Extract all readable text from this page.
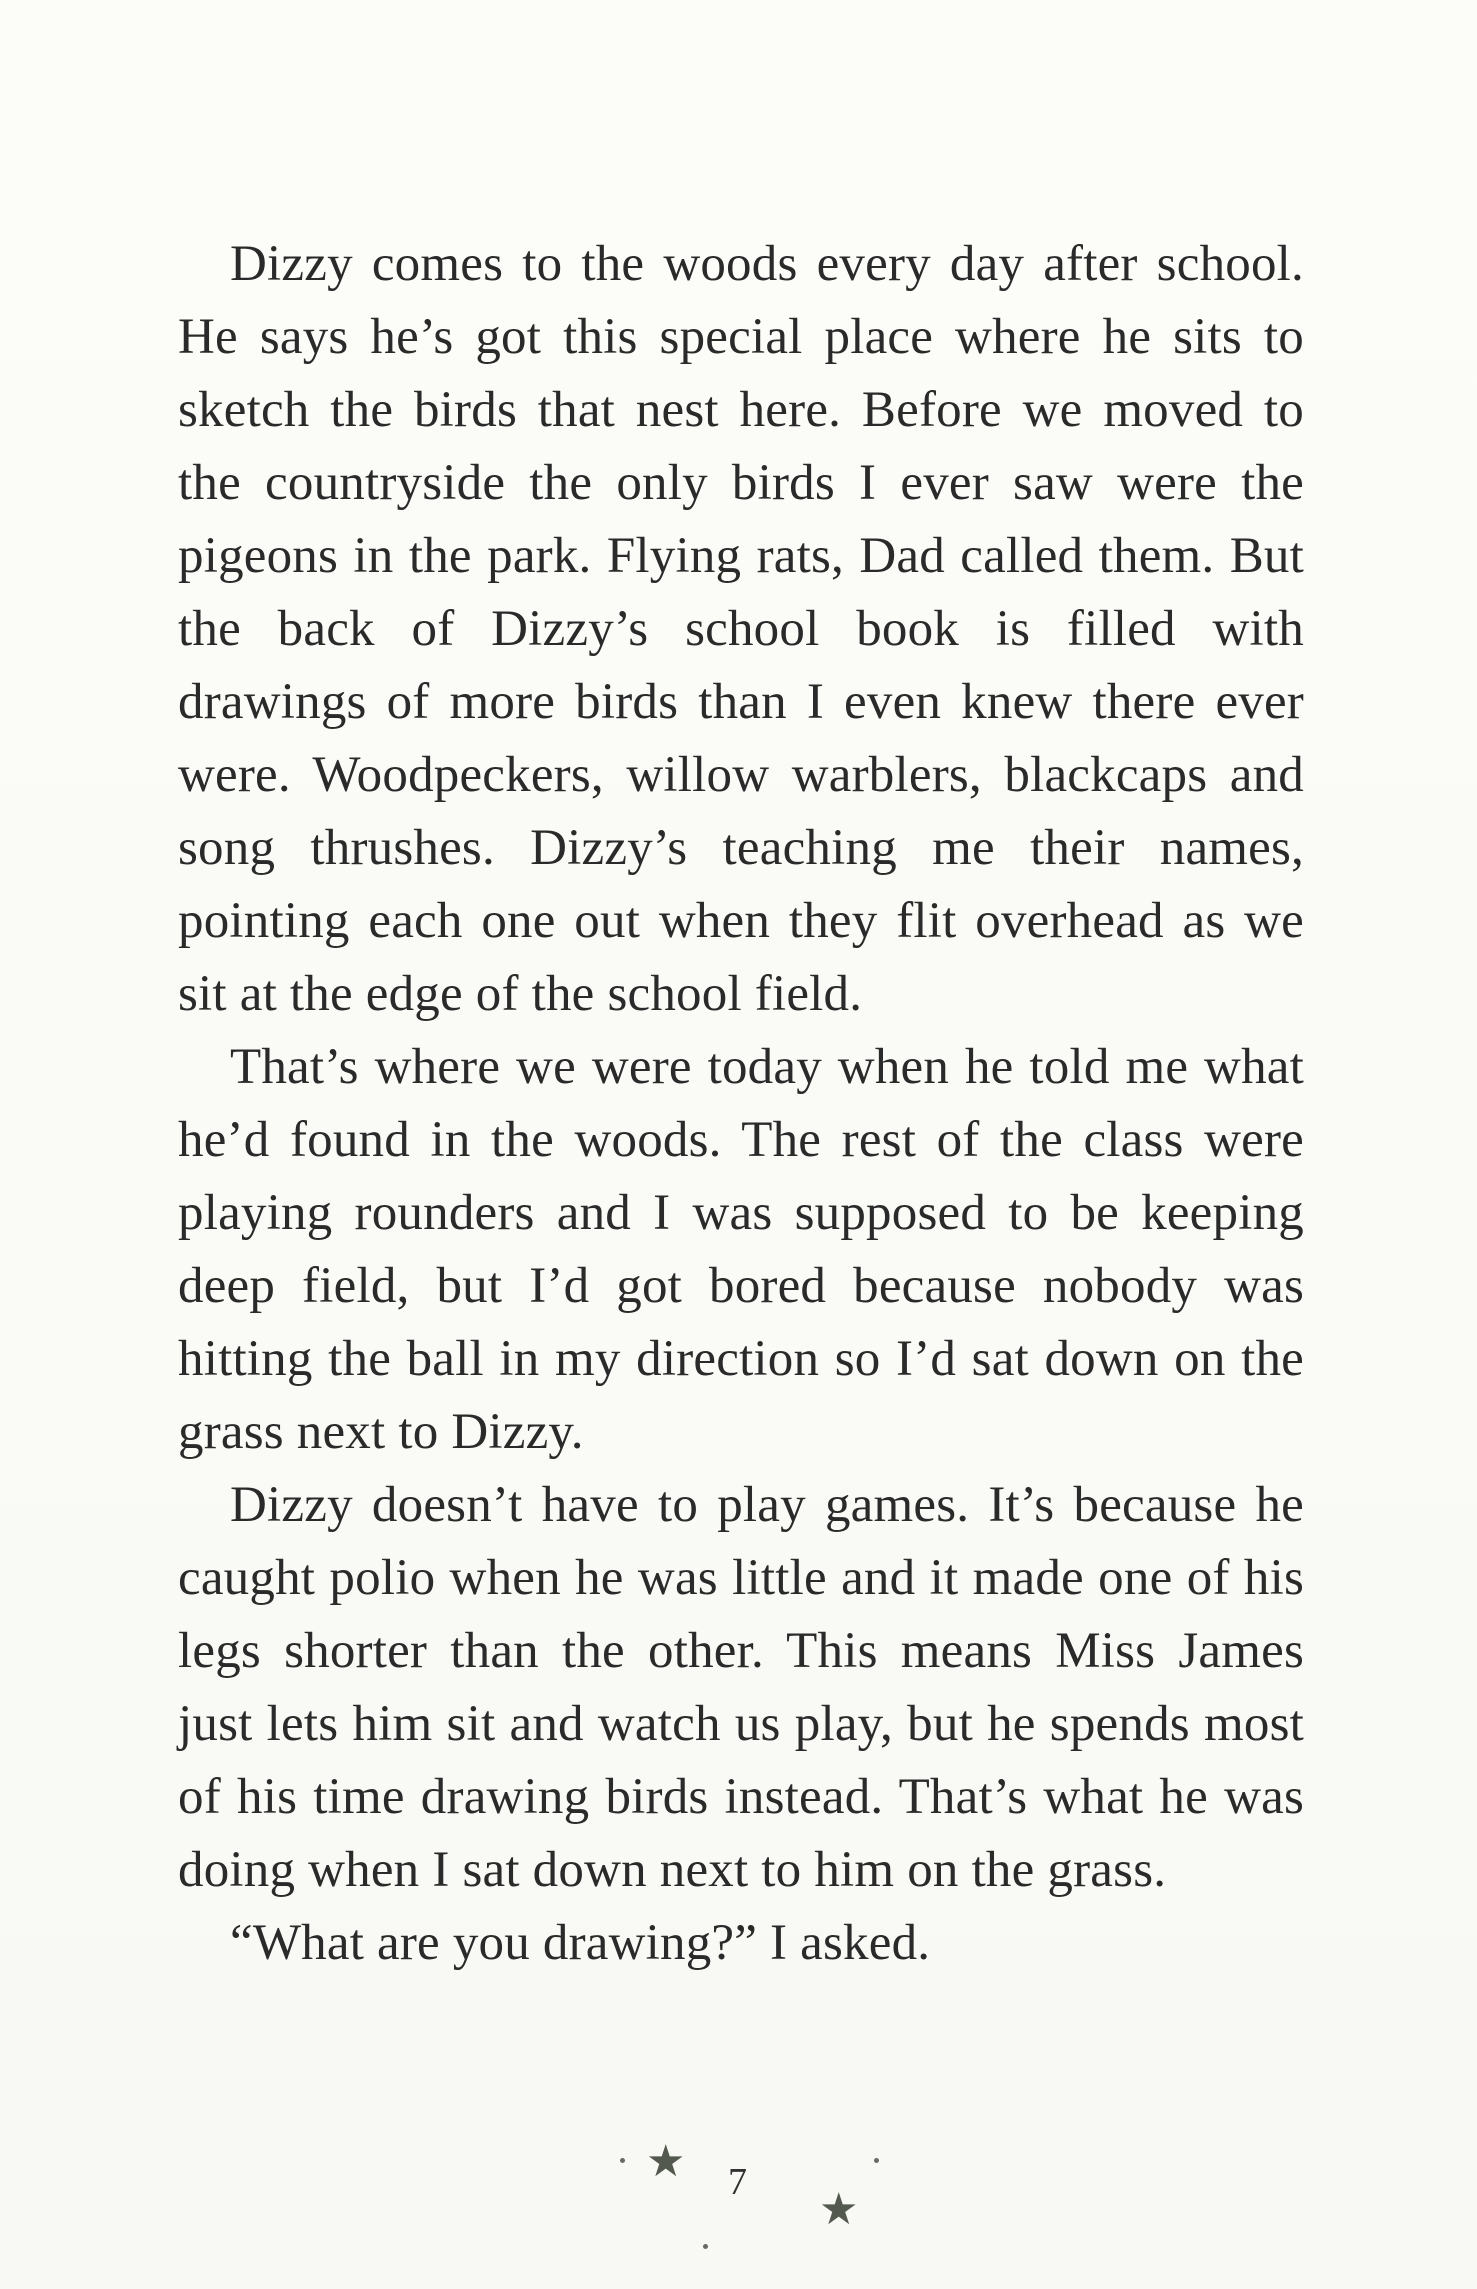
Dizzy comes to the woods every day after school. He says he’s got this special place where he sits to sketch the birds that nest here. Before we moved to the countryside the only birds I ever saw were the pigeons in the park. Flying rats, Dad called them. But the back of Dizzy’s school book is filled with drawings of more birds than I even knew there ever were. Woodpeckers, willow warblers, blackcaps and song thrushes. Dizzy’s teaching me their names, pointing each one out when they flit overhead as we sit at the edge of the school field.

That’s where we were today when he told me what he’d found in the woods. The rest of the class were playing rounders and I was supposed to be keeping deep field, but I’d got bored because nobody was hitting the ball in my direction so I’d sat down on the grass next to Dizzy.

Dizzy doesn’t have to play games. It’s because he caught polio when he was little and it made one of his legs shorter than the other. This means Miss James just lets him sit and watch us play, but he spends most of his time drawing birds instead. That’s what he was doing when I sat down next to him on the grass.

“What are you drawing?” I asked.

★ 7
★
